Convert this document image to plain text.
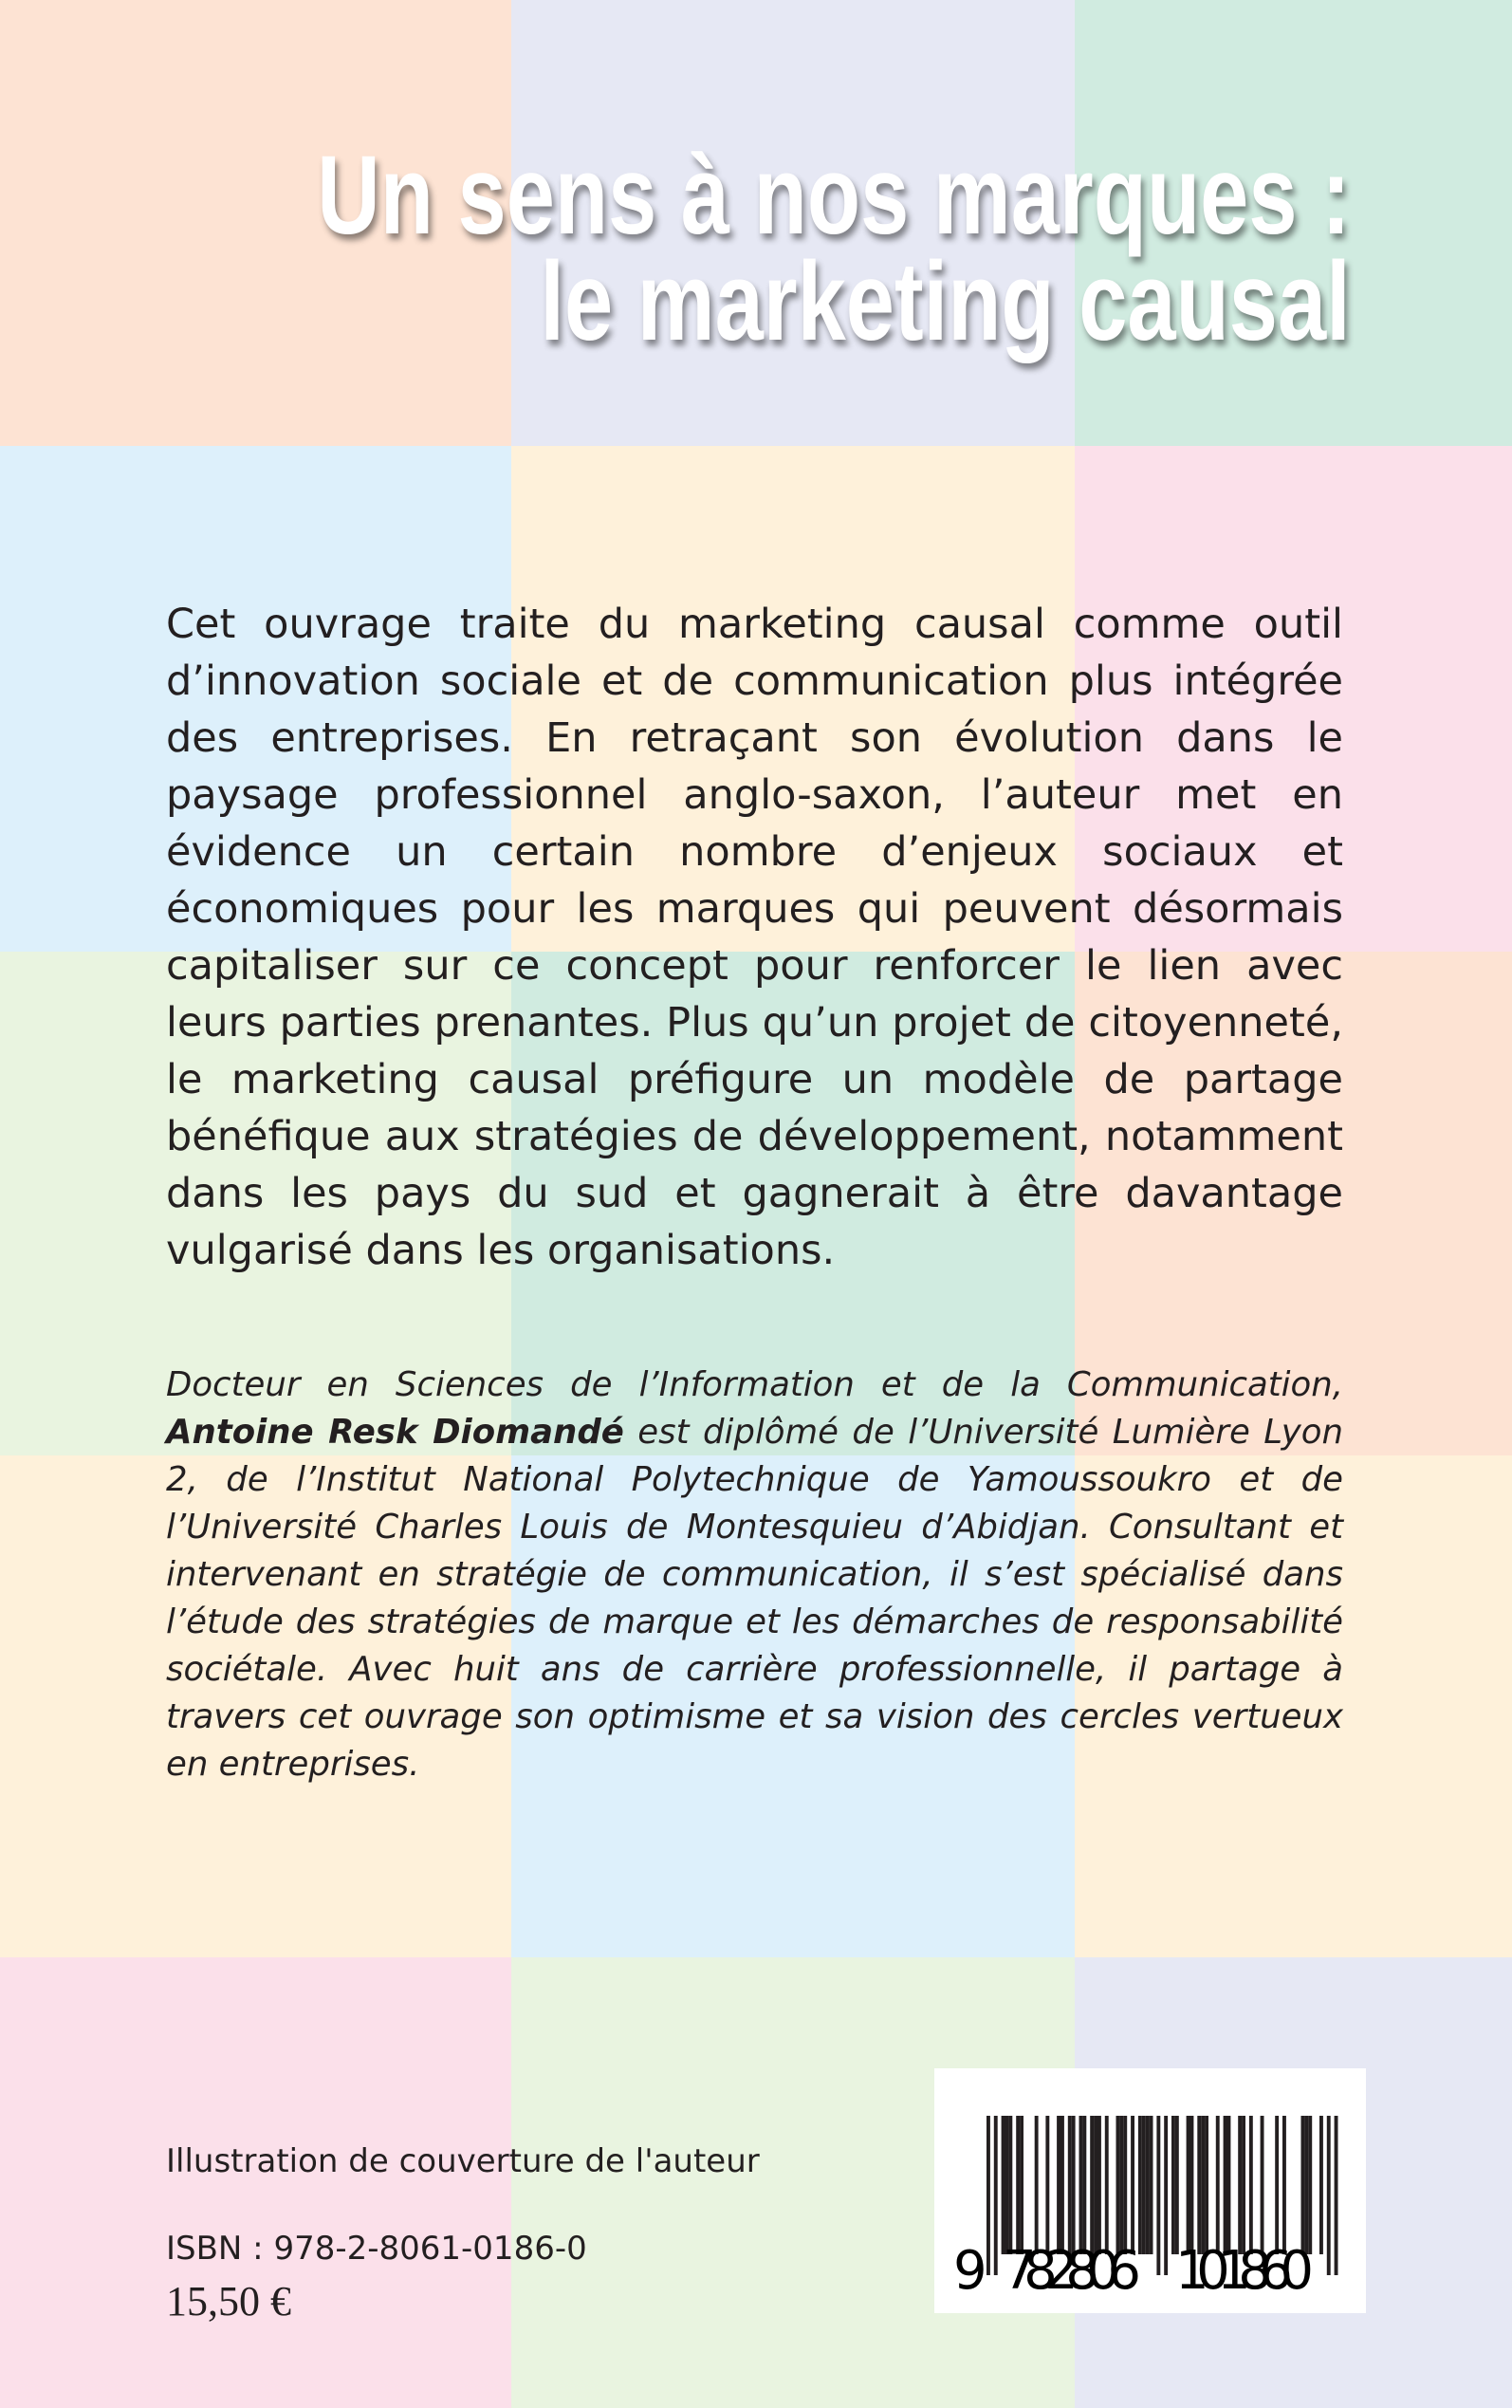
Un sens à nos marques :
le marketing causal
Cet ouvrage traite du marketing causal comme outil d’innovation sociale et de communication plus intégrée des entreprises. En retraçant son évolution dans le paysage professionnel anglo-saxon, l’auteur met en évidence un certain nombre d’enjeux sociaux et économiques pour les marques qui peuvent désormais capitaliser sur ce concept pour renforcer le lien avec leurs parties prenantes. Plus qu’un projet de citoyenneté, le marketing causal préfigure un modèle de partage bénéfique aux stratégies de développement, notamment dans les pays du sud et gagnerait à être davantage vulgarisé dans les organisations.
Docteur en Sciences de l’Information et de la Communication, Antoine Resk Diomandé est diplômé de l’Université Lumière Lyon 2, de l’Institut National Polytechnique de Yamoussoukro et de l’Université Charles Louis de Montesquieu d’Abidjan. Consultant et intervenant en stratégie de communication, il s’est spécialisé dans l’étude des stratégies de marque et les démarches de responsabilité sociétale. Avec huit ans de carrière professionnelle, il partage à travers cet ouvrage son optimisme et sa vision des cercles vertueux en entreprises.
Illustration de couverture de l'auteur
ISBN : 978-2-8061-0186-0
15,50 €	9 782806 101860
